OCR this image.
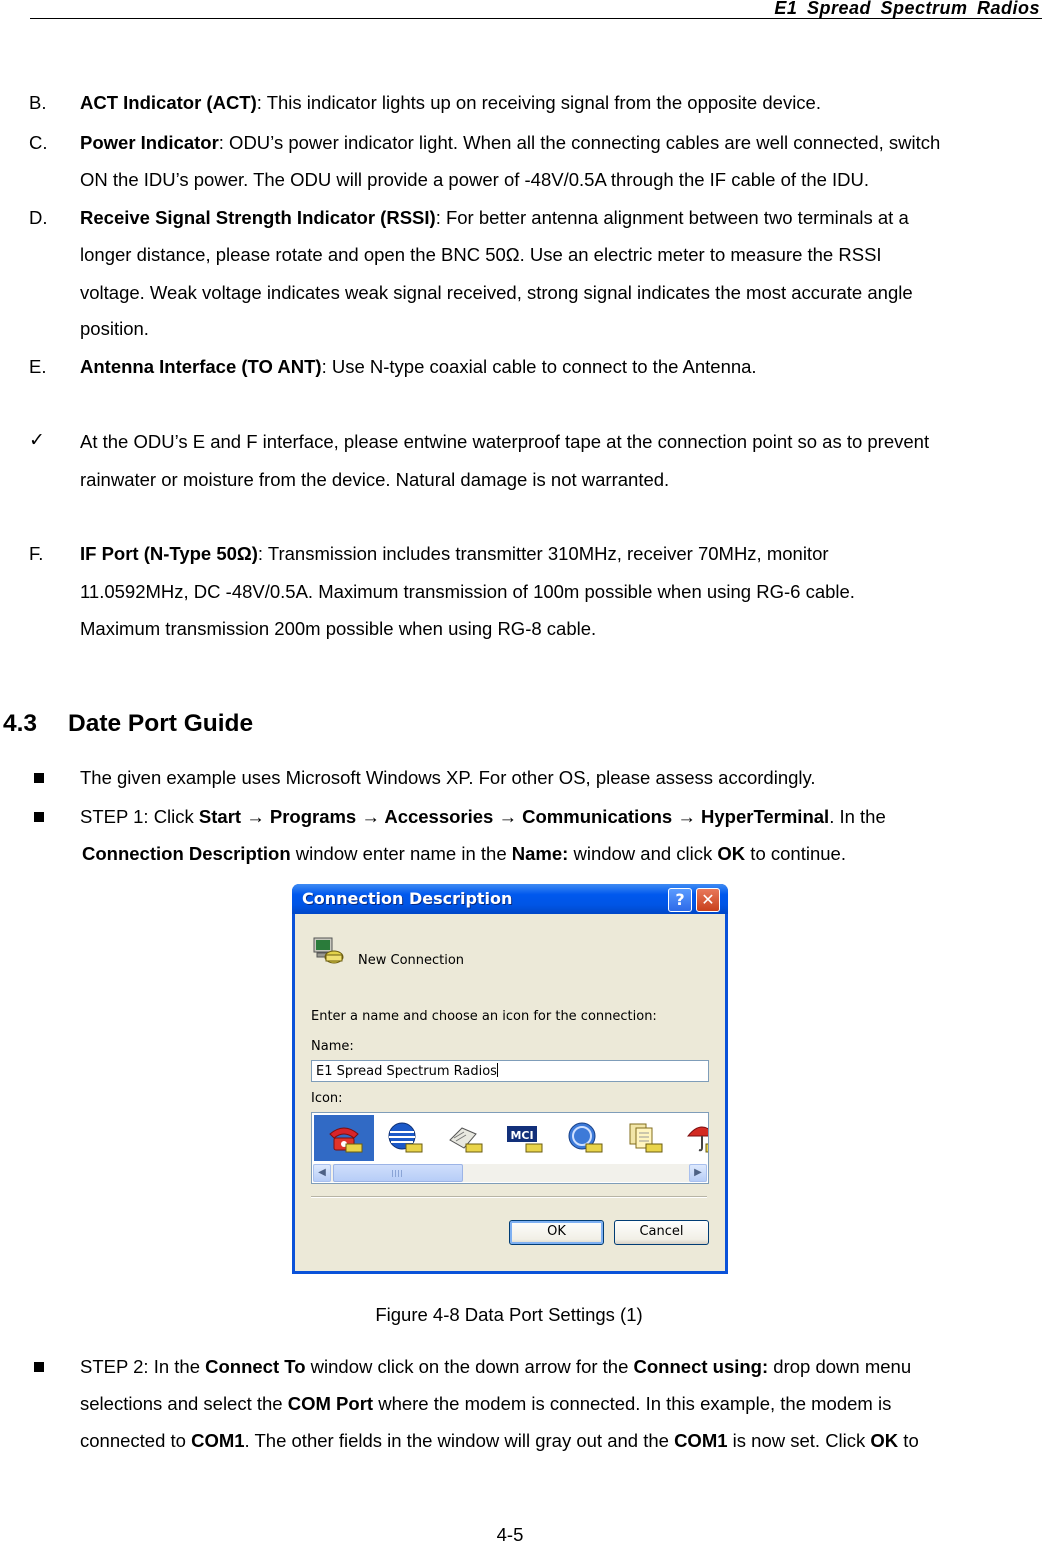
E1 Spread Spectrum Radios
B. ACT Indicator (ACT): This indicator lights up on receiving signal from the opposite device.
C. Power Indicator: ODU’s power indicator light. When all the connecting cables are well connected, switch
ON the IDU’s power. The ODU will provide a power of -48V/0.5A through the IF cable of the IDU.
D. Receive Signal Strength Indicator (RSSI): For better antenna alignment between two terminals at a
longer distance, please rotate and open the BNC 50Ω. Use an electric meter to measure the RSSI
voltage. Weak voltage indicates weak signal received, strong signal indicates the most accurate angle
position.
E. Antenna Interface (TO ANT): Use N-type coaxial cable to connect to the Antenna.
✓ At the ODU’s E and F interface, please entwine waterproof tape at the connection point so as to prevent
rainwater or moisture from the device. Natural damage is not warranted.
F. IF Port (N-Type 50Ω): Transmission includes transmitter 310MHz, receiver 70MHz, monitor
11.0592MHz, DC -48V/0.5A. Maximum transmission of 100m possible when using RG-6 cable.
Maximum transmission 200m possible when using RG-8 cable.
4.3 Date Port Guide
The given example uses Microsoft Windows XP. For other OS, please assess accordingly.
STEP 1: Click Start → Programs → Accessories → Communications → HyperTerminal. In the
Connection Description window enter name in the Name: window and click OK to continue.
Connection Description	?	✕
New Connection
Enter a name and choose an icon for the connection:
Name:
E1 Spread Spectrum Radios
Icon:
MCI
◀	▶
OK	Cancel
Figure 4-8 Data Port Settings (1)
STEP 2: In the Connect To window click on the down arrow for the Connect using: drop down menu
selections and select the COM Port where the modem is connected. In this example, the modem is
connected to COM1. The other fields in the window will gray out and the COM1 is now set. Click OK to
4-5
